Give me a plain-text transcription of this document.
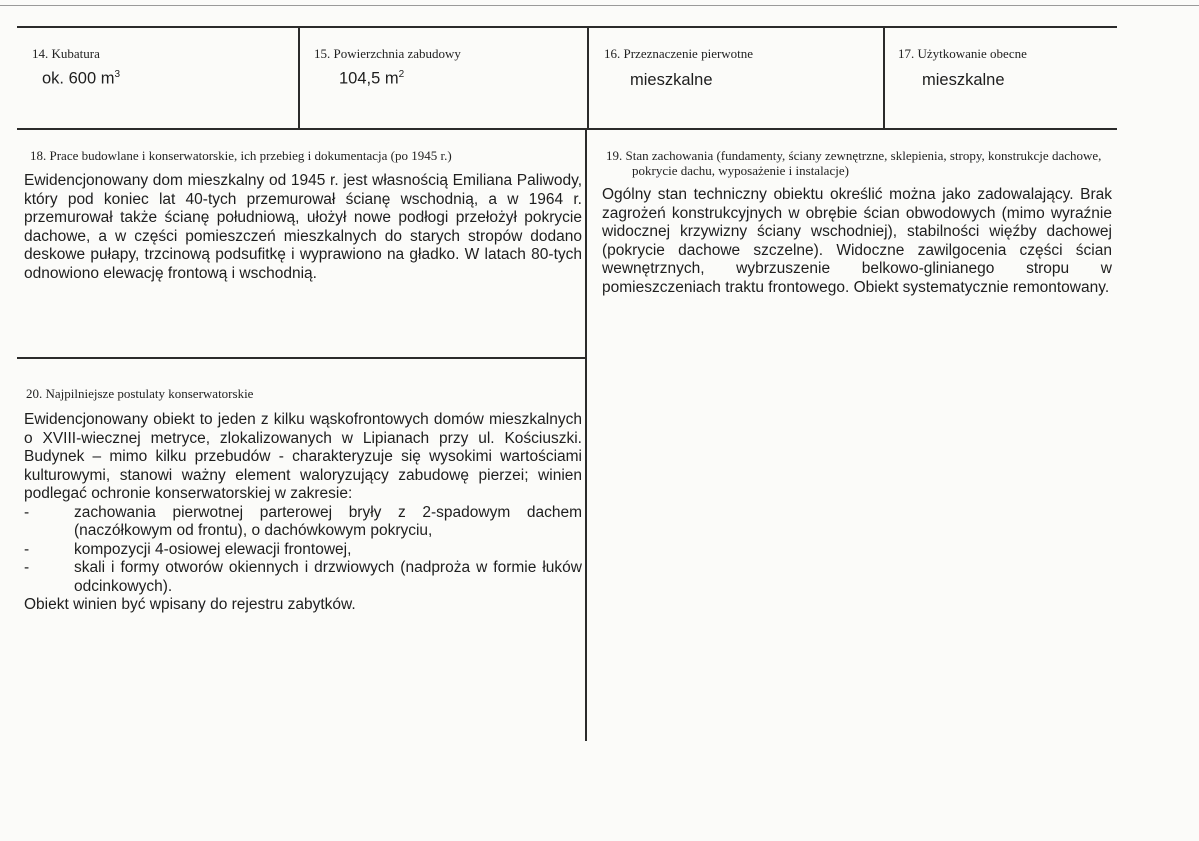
14. Kubatura
ok. 600 $m^3$
15. Powierzchnia zabudowy
104,5 $m^2$
16. Przeznaczenie pierwotne
mieszkalne
17. Użytkowanie obecne
mieszkalne
18. Prace budowlane i konserwatorskie, ich przebieg i dokumentacja (po 1945 r.)

Ewidencjonowany dom mieszkalny od 1945 r. jest własnością Emiliana Paliwody, który pod koniec lat 40-tych przemurował ścianę wschodnią, a w 1964 r. przemurował także ścianę południową, ułożył nowe podłogi przełożył pokrycie dachowe, a w części pomieszczeń mieszkalnych do starych stropów dodano deskowe pułapy, trzcinową podsufitkę i wyprawiono na gładko. W latach 80-tych odnowiono elewację frontową i wschodnią.

19. Stan zachowania (fundamenty, ściany zewnętrzne, sklepienia, stropy, konstrukcje dachowe, pokrycie dachu, wyposażenie i instalacje)

Ogólny stan techniczny obiektu określić można jako zadowalający. Brak zagrożeń konstrukcyjnych w obrębie ścian obwodowych (mimo wyraźnie widocznej krzywizny ściany wschodniej), stabilności więźby dachowej (pokrycie dachowe szczelne). Widoczne zawilgocenia części ścian wewnętrznych, wybrzuszenie belkowo-glinianego stropu w pomieszczeniach traktu frontowego. Obiekt systematycznie remontowany.

20. Najpilniejsze postulaty konserwatorskie

Ewidencjonowany obiekt to jeden z kilku wąskofrontowych domów mieszkalnych o XVIII-wiecznej metryce, zlokalizowanych w Lipianach przy ul. Kościuszki. Budynek – mimo kilku przebudów - charakteryzuje się wysokimi wartościami kulturowymi, stanowi ważny element waloryzujący zabudowę pierzei; winien podlegać ochronie konserwatorskiej w zakresie:

-	zachowania pierwotnej parterowej bryły z 2-spadowym dachem (naczółkowym od frontu), o dachówkowym pokryciu,
-	kompozycji 4-osiowej elewacji frontowej,
-	skali i formy otworów okiennych i drzwiowych (nadproża w formie łuków odcinkowych).

Obiekt winien być wpisany do rejestru zabytków.
